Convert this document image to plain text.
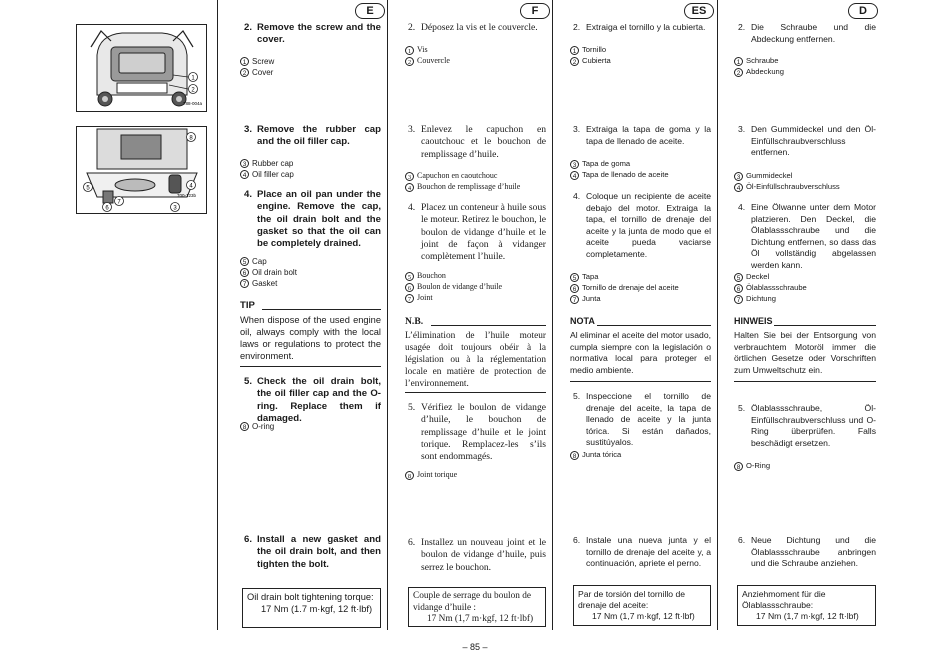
1
2
788-004a
8
4
3
5
6
7
700-123b
E
2. Remove the screw and the cover.
1 Screw
2 Cover
3. Remove the rubber cap and the oil filler cap.
3 Rubber cap
4 Oil filler cap
4. Place an oil pan under the engine. Remove the cap, the oil drain bolt and the gasket so that the oil can be completely drained.
5 Cap
6 Oil drain bolt
7 Gasket
TIP
When dispose of the used engine oil, always comply with the local laws or regulations to protect the environment.
5. Check the oil drain bolt, the oil filler cap and the O-ring. Replace them if damaged.
8 O-ring
6. Install a new gasket and the oil drain bolt, and then tighten the bolt.
Oil drain bolt tightening torque:
17 Nm (1.7 m·kgf, 12 ft·lbf)
F
2. Déposez la vis et le couvercle.
1 Vis
2 Couvercle
3. Enlevez le capuchon en caoutchouc et le bouchon de remplissage d’huile.
3 Capuchon en caoutchouc
4 Bouchon de remplissage d’huile
4. Placez un conteneur à huile sous le moteur. Retirez le bouchon, le boulon de vidange d’huile et le joint de façon à vidanger complètement l’huile.
5 Bouchon
6 Boulon de vidange d’huile
7 Joint
N.B.
L’élimination de l’huile moteur usagée doit toujours obéir à la législation ou à la réglementation locale en matière de protection de l’environnement.
5. Vérifiez le boulon de vidange d’huile, le bouchon de remplissage d’huile et le joint torique. Remplacez-les s’ils sont endommagés.
8 Joint torique
6. Installez un nouveau joint et le boulon de vidange d’huile, puis serrez le bouchon.
Couple de serrage du boulon de vidange d’huile :
17 Nm (1,7 m·kgf, 12 ft·lbf)
ES
2. Extraiga el tornillo y la cubierta.
1 Tornillo
2 Cubierta
3. Extraiga la tapa de goma y la tapa de llenado de aceite.
3 Tapa de goma
4 Tapa de llenado de aceite
4. Coloque un recipiente de aceite debajo del motor. Extraiga la tapa, el tornillo de drenaje del aceite y la junta de modo que el aceite pueda vaciarse completamente.
5 Tapa
6 Tornillo de drenaje del aceite
7 Junta
NOTA
Al eliminar el aceite del motor usado, cumpla siempre con la legislación o normativa local para proteger el medio ambiente.
5. Inspeccione el tornillo de drenaje del aceite, la tapa de llenado de aceite y la junta tórica. Si están dañados, sustitúyalos.
8 Junta tórica
6. Instale una nueva junta y el tornillo de drenaje del aceite y, a continuación, apriete el perno.
Par de torsión del tornillo de drenaje del aceite:
17 Nm (1,7 m·kgf, 12 ft·lbf)
D
2. Die Schraube und die Abdeckung entfernen.
1 Schraube
2 Abdeckung
3. Den Gummideckel und den Öl-Einfüllschraubverschluss entfernen.
3 Gummideckel
4 Öl-Einfüllschraubverschluss
4. Eine Ölwanne unter dem Motor platzieren. Den Deckel, die Ölablassschraube und die Dichtung entfernen, so dass das Öl vollständig abgelassen werden kann.
5 Deckel
6 Ölablassschraube
7 Dichtung
HINWEIS
Halten Sie bei der Entsorgung von verbrauchtem Motoröl immer die örtlichen Gesetze oder Vorschriften zum Umweltschutz ein.
5. Ölablassschraube, Öl-Einfüllschraubverschluss und O-Ring überprüfen. Falls beschädigt ersetzen.
8 O-Ring
6. Neue Dichtung und die Ölablassschraube anbringen und die Schraube anziehen.
Anziehmoment für die Ölablassschraube:
17 Nm (1,7 m·kgf, 12 ft·lbf)
– 85 –
